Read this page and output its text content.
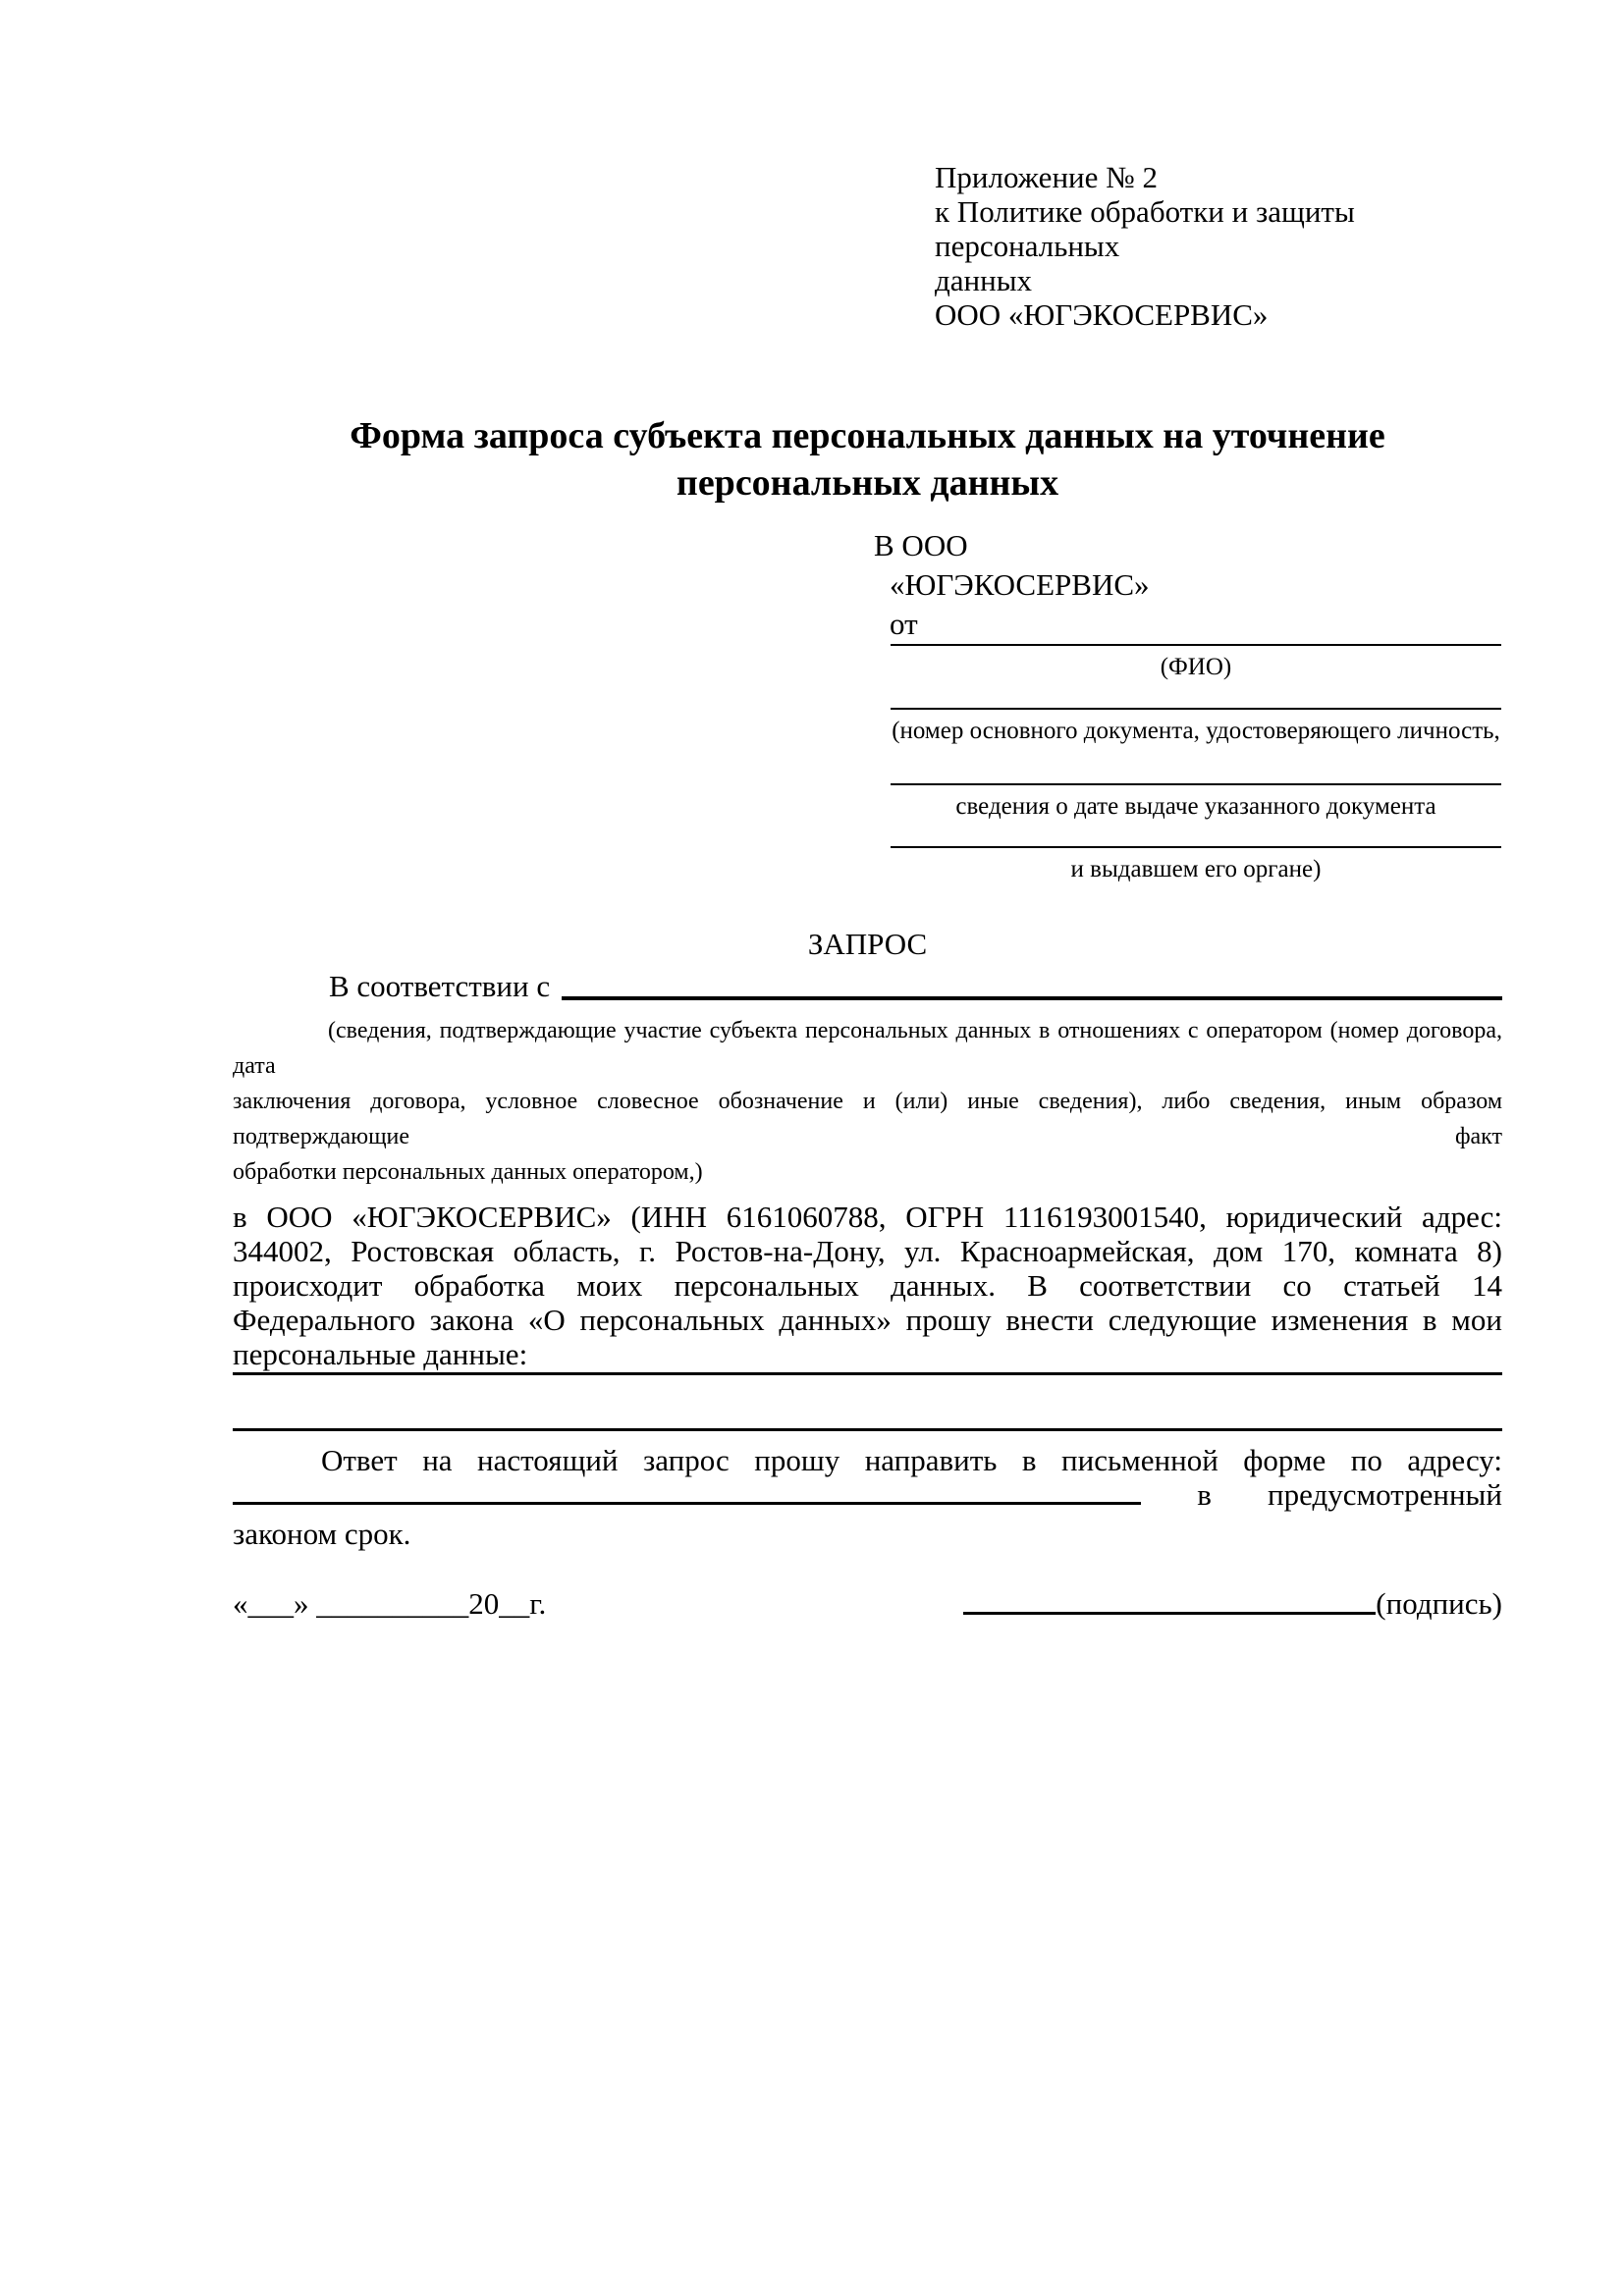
Приложение № 2
к Политике обработки и защиты персональных
данных
ООО «ЮГЭКОСЕРВИС»
Форма запроса субъекта персональных данных на уточнение
персональных данных
В ООО
«ЮГЭКОСЕРВИС»
от
(ФИО)
(номер основного документа, удостоверяющего личность,
сведения о дате выдаче указанного документа
и выдавшем его органе)
ЗАПРОС
В соответствии с
(сведения, подтверждающие участие субъекта персональных данных в отношениях с оператором (номер договора, дата
заключения договора, условное словесное обозначение и (или) иные сведения), либо сведения, иным образом подтверждающие факт
обработки персональных данных оператором,)
в ООО «ЮГЭКОСЕРВИС» (ИНН 6161060788, ОГРН 1116193001540, юридический адрес:
344002, Ростовская область, г. Ростов-на-Дону, ул. Красноармейская, дом 170, комната 8)
происходит обработка моих персональных данных. В соответствии со статьей 14
Федерального закона «О персональных данных» прошу внести следующие изменения в мои
персональные данные:
Ответ на настоящий запрос прошу направить в письменной форме по адресу:
в предусмотренный
законом срок.
«___» __________20__г.	(подпись)
